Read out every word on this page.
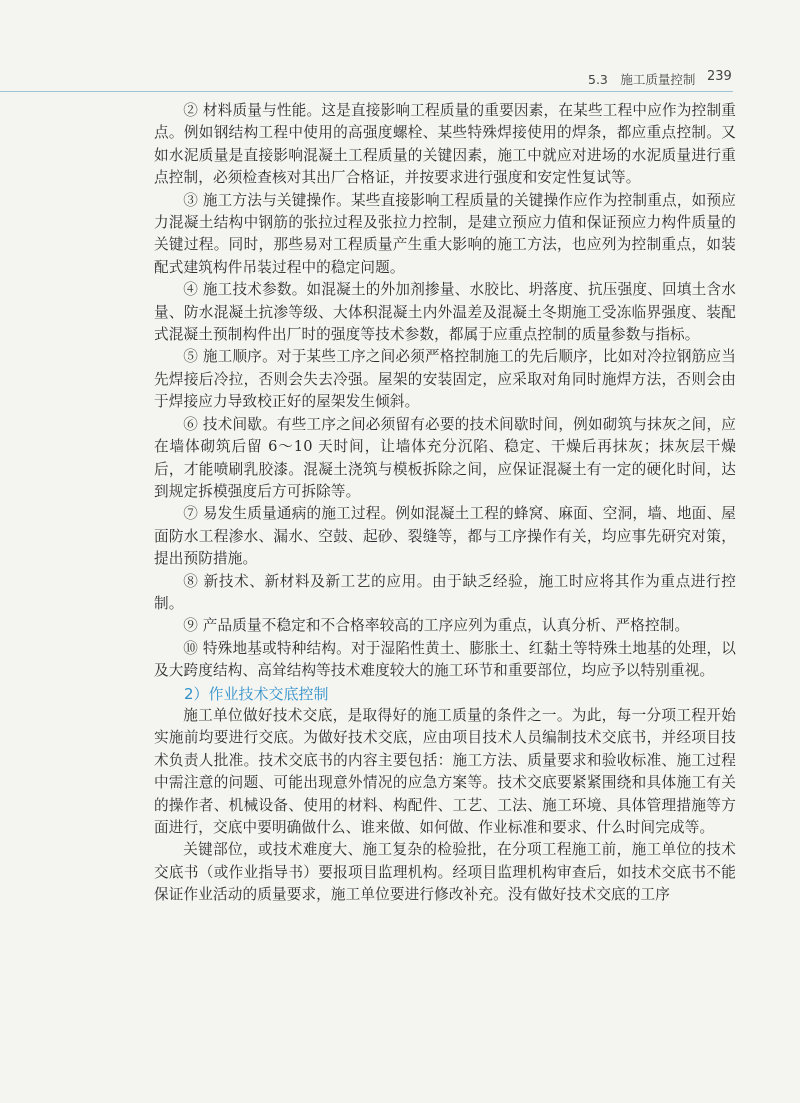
5.3　施工质量控制 239

② 材料质量与性能。这是直接影响工程质量的重要因素，在某些工程中应作为控制重点。例如钢结构工程中使用的高强度螺栓、某些特殊焊接使用的焊条，都应重点控制。又如水泥质量是直接影响混凝土工程质量的关键因素，施工中就应对进场的水泥质量进行重点控制，必须检查核对其出厂合格证，并按要求进行强度和安定性复试等。

③ 施工方法与关键操作。某些直接影响工程质量的关键操作应作为控制重点，如预应力混凝土结构中钢筋的张拉过程及张拉力控制，是建立预应力值和保证预应力构件质量的关键过程。同时，那些易对工程质量产生重大影响的施工方法，也应列为控制重点，如装配式建筑构件吊装过程中的稳定问题。

④ 施工技术参数。如混凝土的外加剂掺量、水胶比、坍落度、抗压强度、回填土含水量、防水混凝土抗渗等级、大体积混凝土内外温差及混凝土冬期施工受冻临界强度、装配式混凝土预制构件出厂时的强度等技术参数，都属于应重点控制的质量参数与指标。

⑤ 施工顺序。对于某些工序之间必须严格控制施工的先后顺序，比如对冷拉钢筋应当先焊接后冷拉，否则会失去冷强。屋架的安装固定，应采取对角同时施焊方法，否则会由于焊接应力导致校正好的屋架发生倾斜。

⑥ 技术间歇。有些工序之间必须留有必要的技术间歇时间，例如砌筑与抹灰之间，应在墙体砌筑后留 6～10 天时间，让墙体充分沉陷、稳定、干燥后再抹灰；抹灰层干燥后，才能喷刷乳胶漆。混凝土浇筑与模板拆除之间，应保证混凝土有一定的硬化时间，达到规定拆模强度后方可拆除等。

⑦ 易发生质量通病的施工过程。例如混凝土工程的蜂窝、麻面、空洞，墙、地面、屋面防水工程渗水、漏水、空鼓、起砂、裂缝等，都与工序操作有关，均应事先研究对策，提出预防措施。

⑧ 新技术、新材料及新工艺的应用。由于缺乏经验，施工时应将其作为重点进行控制。

⑨ 产品质量不稳定和不合格率较高的工序应列为重点，认真分析、严格控制。

⑩ 特殊地基或特种结构。对于湿陷性黄土、膨胀土、红黏土等特殊土地基的处理，以及大跨度结构、高耸结构等技术难度较大的施工环节和重要部位，均应予以特别重视。

2）作业技术交底控制

施工单位做好技术交底，是取得好的施工质量的条件之一。为此，每一分项工程开始实施前均要进行交底。为做好技术交底，应由项目技术人员编制技术交底书，并经项目技术负责人批准。技术交底书的内容主要包括：施工方法、质量要求和验收标准、施工过程中需注意的问题、可能出现意外情况的应急方案等。技术交底要紧紧围绕和具体施工有关的操作者、机械设备、使用的材料、构配件、工艺、工法、施工环境、具体管理措施等方面进行，交底中要明确做什么、谁来做、如何做、作业标准和要求、什么时间完成等。

关键部位，或技术难度大、施工复杂的检验批，在分项工程施工前，施工单位的技术交底书（或作业指导书）要报项目监理机构。经项目监理机构审查后，如技术交底书不能保证作业活动的质量要求，施工单位要进行修改补充。没有做好技术交底的工序
